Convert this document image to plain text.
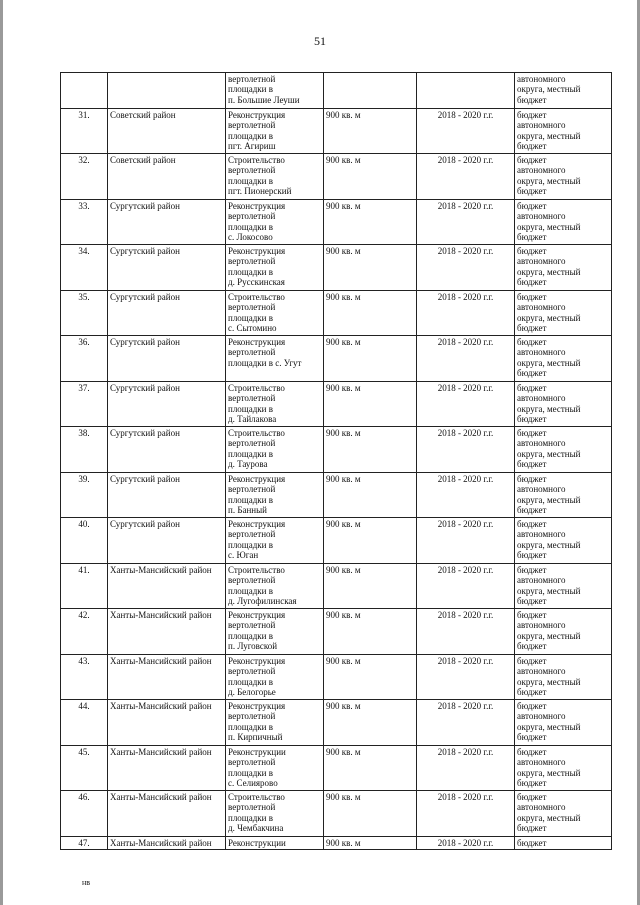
51

		вертолетной
площадки в
п. Большие Леуши			автономного
округа, местный
бюджет

31.	Советский район	Реконструкция
вертолетной
площадки в
пгт. Агириш	900 кв. м	2018 - 2020 г.г.	бюджет
автономного
округа, местный
бюджет

32.	Советский район	Строительство
вертолетной
площадки в
пгт. Пионерский	900 кв. м	2018 - 2020 г.г.	бюджет
автономного
округа, местный
бюджет

33.	Сургутский район	Реконструкция
вертолетной
площадки в
с. Локосово	900 кв. м	2018 - 2020 г.г.	бюджет
автономного
округа, местный
бюджет

34.	Сургутский район	Реконструкция
вертолетной
площадки в
д. Русскинская	900 кв. м	2018 - 2020 г.г.	бюджет
автономного
округа, местный
бюджет

35.	Сургутский район	Строительство
вертолетной
площадки в
с. Сытомино	900 кв. м	2018 - 2020 г.г.	бюджет
автономного
округа, местный
бюджет

36.	Сургутский район	Реконструкция
вертолетной
площадки в с. Угут	900 кв. м	2018 - 2020 г.г.	бюджет
автономного
округа, местный
бюджет

37.	Сургутский район	Строительство
вертолетной
площадки в
д. Тайлакова	900 кв. м	2018 - 2020 г.г.	бюджет
автономного
округа, местный
бюджет

38.	Сургутский район	Строительство
вертолетной
площадки в
д. Таурова	900 кв. м	2018 - 2020 г.г.	бюджет
автономного
округа, местный
бюджет

39.	Сургутский район	Реконструкция
вертолетной
площадки в
п. Банный	900 кв. м	2018 - 2020 г.г.	бюджет
автономного
округа, местный
бюджет

40.	Сургутский район	Реконструкция
вертолетной
площадки в
с. Юган	900 кв. м	2018 - 2020 г.г.	бюджет
автономного
округа, местный
бюджет

41.	Ханты-Мансийский район	Строительство
вертолетной
площадки в
д. Лугофилинская	900 кв. м	2018 - 2020 г.г.	бюджет
автономного
округа, местный
бюджет

42.	Ханты-Мансийский район	Реконструкция
вертолетной
площадки в
п. Луговской	900 кв. м	2018 - 2020 г.г.	бюджет
автономного
округа, местный
бюджет

43.	Ханты-Мансийский район	Реконструкция
вертолетной
площадки в
д. Белогорье	900 кв. м	2018 - 2020 г.г.	бюджет
автономного
округа, местный
бюджет

44.	Ханты-Мансийский район	Реконструкция
вертолетной
площадки в
п. Кирпичный	900 кв. м	2018 - 2020 г.г.	бюджет
автономного
округа, местный
бюджет

45.	Ханты-Мансийский район	Реконструкции
вертолетной
площадки в
с. Селиярово	900 кв. м	2018 - 2020 г.г.	бюджет
автономного
округа, местный
бюджет

46.	Ханты-Мансийский район	Строительство
вертолетной
площадки в
д. Чембакчина	900 кв. м	2018 - 2020 г.г.	бюджет
автономного
округа, местный
бюджет

47.	Ханты-Мансийский район	Реконструкции	900 кв. м	2018 - 2020 г.г.	бюджет
нв
